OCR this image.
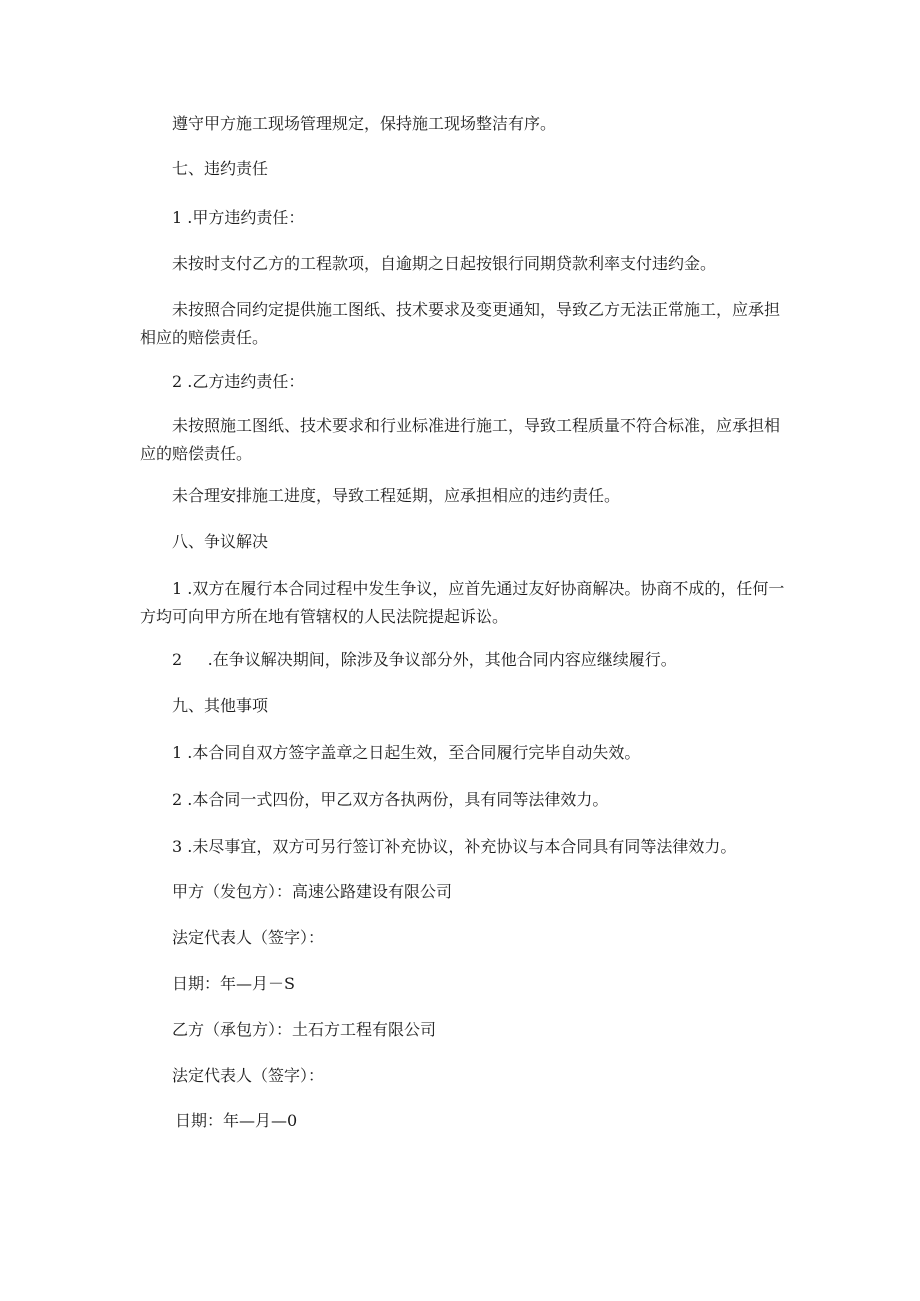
遵守甲方施工现场管理规定，保持施工现场整洁有序。

七、违约责任

1 .甲方违约责任：

未按时支付乙方的工程款项，自逾期之日起按银行同期贷款利率支付违约金。

未按照合同约定提供施工图纸、技术要求及变更通知，导致乙方无法正常施工，应承担相应的赔偿责任。

2 .乙方违约责任：

未按照施工图纸、技术要求和行业标准进行施工，导致工程质量不符合标准，应承担相应的赔偿责任。

未合理安排施工进度，导致工程延期，应承担相应的违约责任。

八、争议解决

1 .双方在履行本合同过程中发生争议，应首先通过友好协商解决。协商不成的，任何一方均可向甲方所在地有管辖权的人民法院提起诉讼。

2     .在争议解决期间，除涉及争议部分外，其他合同内容应继续履行。

九、其他事项

1 .本合同自双方签字盖章之日起生效，至合同履行完毕自动失效。

2 .本合同一式四份，甲乙双方各执两份，具有同等法律效力。

3 .未尽事宜，双方可另行签订补充协议，补充协议与本合同具有同等法律效力。

甲方（发包方）：高速公路建设有限公司

法定代表人（签字）：

日期：年—月－S

乙方（承包方）：土石方工程有限公司

法定代表人（签字）：

日期：年—月—0
